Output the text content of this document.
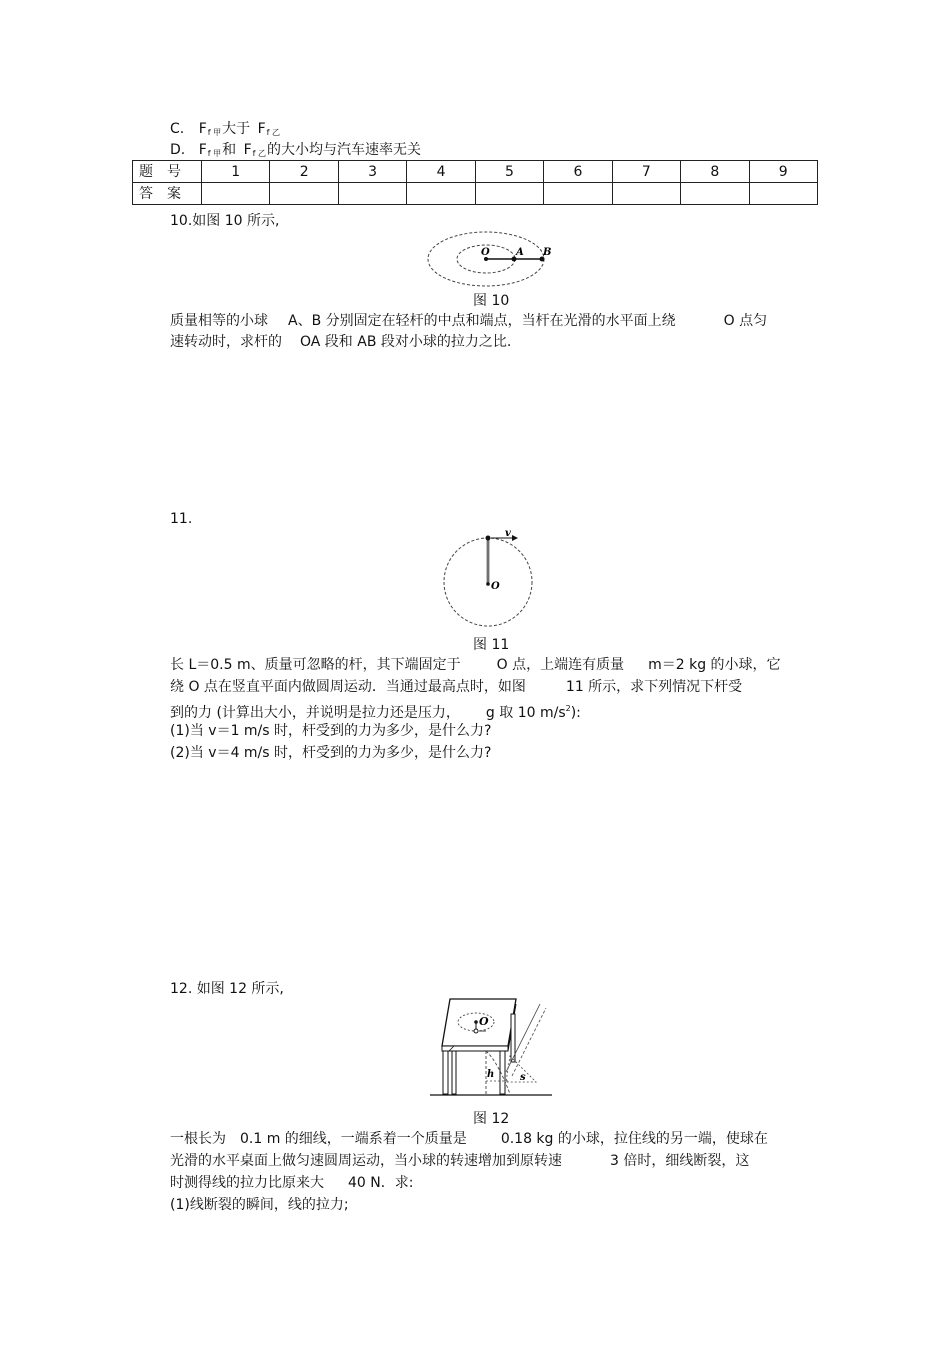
C. $F_{f 甲}$大于 $F_{f 乙}$
D. $F_{f 甲}$和 $F_{f 乙}$的大小均与汽车速率无关
题号	1	2	3	4	5	6	7	8	9
答案									
10.如图 10 所示,
O	A B
图 10
质量相等的小球 A、B 分别固定在轻杆的中点和端点，当杆在光滑的水平面上绕	O 点匀
速转动时，求杆的 OA 段和 AB 段对小球的拉力之比.
11.
v
O
图 11
长 L＝0.5 m、质量可忽略的杆，其下端固定于	O 点，上端连有质量 m＝2 kg 的小球，它
绕 O 点在竖直平面内做圆周运动．当通过最高点时，如图	11 所示，求下列情况下杆受
到的力 (计算出大小，并说明是拉力还是压力， g 取 10 $m/s^2$):
(1)当 v＝1 m/s 时，杆受到的力为多少，是什么力?
(2)当 v＝4 m/s 时，杆受到的力为多少，是什么力?
12. 如图 12 所示,
O
h	s
图 12
一根长为 0.1 m 的细线，一端系着一个质量是 0.18 kg 的小球，拉住线的另一端，使球在
光滑的水平桌面上做匀速圆周运动，当小球的转速增加到原转速	3 倍时，细线断裂，这
时测得线的拉力比原来大 40 N．求:
(1)线断裂的瞬间，线的拉力;
